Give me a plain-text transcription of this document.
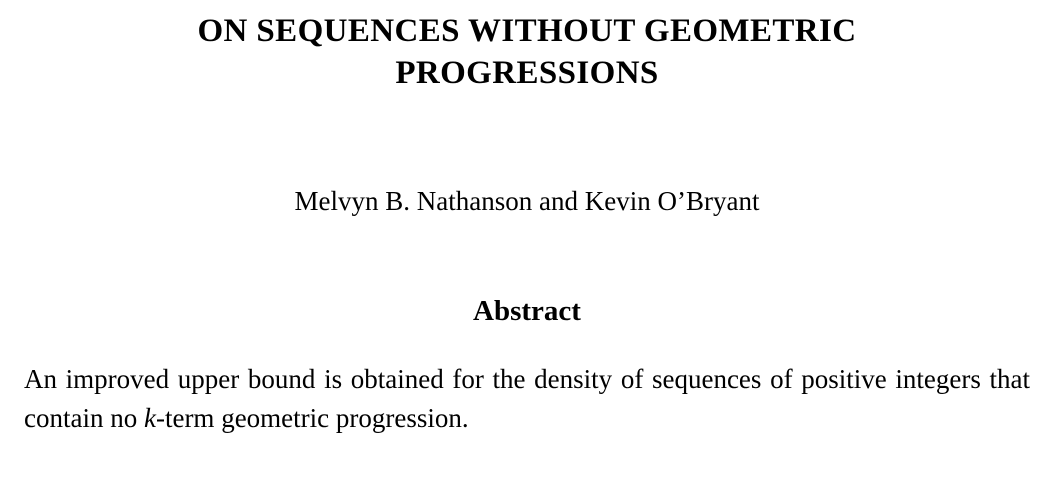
ON SEQUENCES WITHOUT GEOMETRIC PROGRESSIONS
Melvyn B. Nathanson and Kevin O’Bryant
Abstract
An improved upper bound is obtained for the density of sequences of positive integers that contain no k-term geometric progression.
